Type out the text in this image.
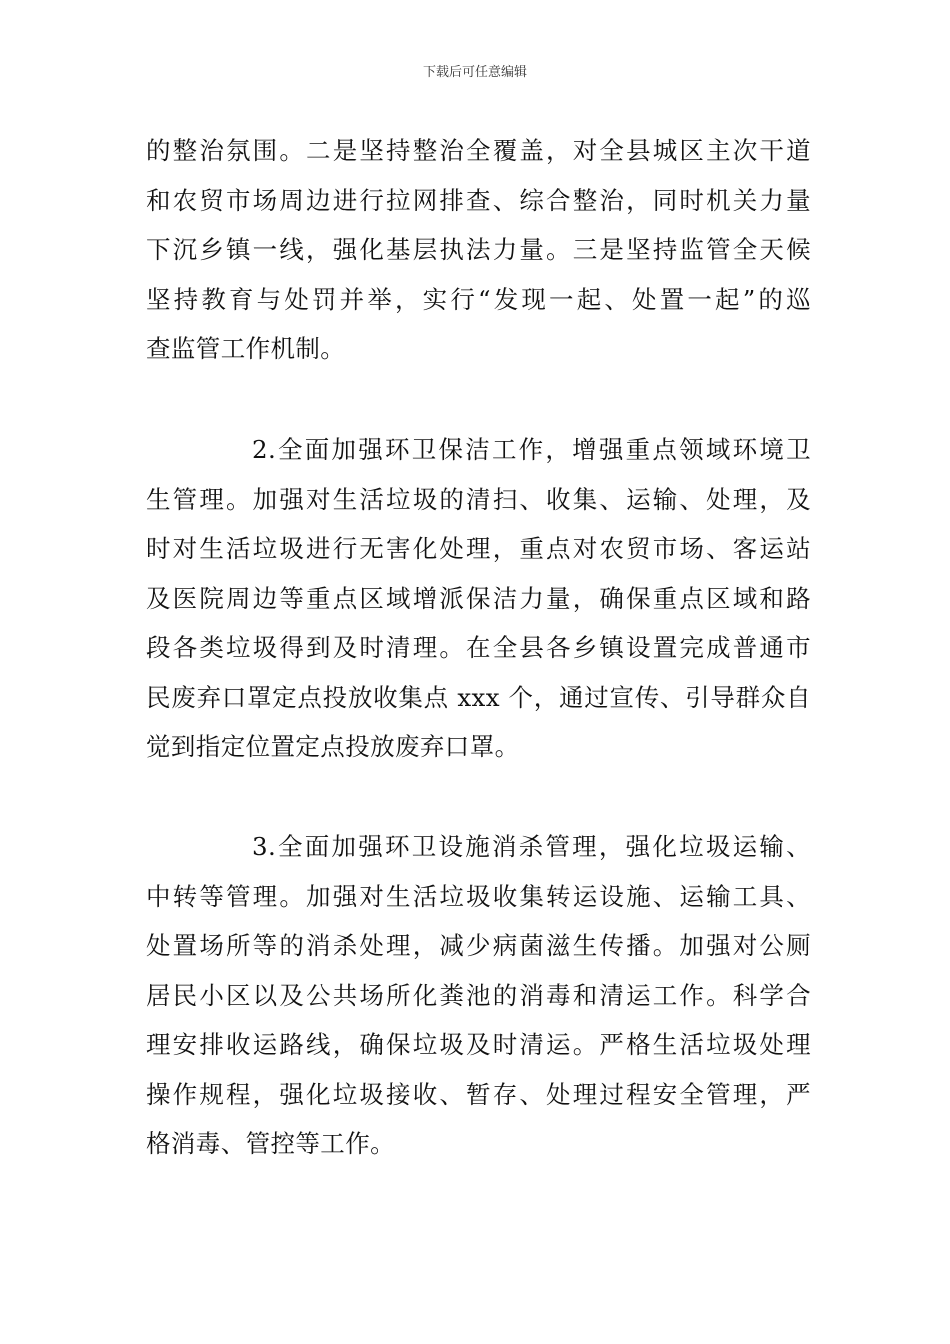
下载后可任意编辑
的整治氛围。二是坚持整治全覆盖，对全县城区主次干道
和农贸市场周边进行拉网排查、综合整治，同时机关力量
下沉乡镇一线，强化基层执法力量。三是坚持监管全天候
坚持教育与处罚并举，实行“发现一起、处置一起”的巡
查监管工作机制。
2.全面加强环卫保洁工作，增强重点领域环境卫
生管理。加强对生活垃圾的清扫、收集、运输、处理，及
时对生活垃圾进行无害化处理，重点对农贸市场、客运站
及医院周边等重点区域增派保洁力量，确保重点区域和路
段各类垃圾得到及时清理。在全县各乡镇设置完成普通市
民废弃口罩定点投放收集点 xxx 个，通过宣传、引导群众自
觉到指定位置定点投放废弃口罩。
3.全面加强环卫设施消杀管理，强化垃圾运输、
中转等管理。加强对生活垃圾收集转运设施、运输工具、
处置场所等的消杀处理，减少病菌滋生传播。加强对公厕
居民小区以及公共场所化粪池的消毒和清运工作。科学合
理安排收运路线，确保垃圾及时清运。严格生活垃圾处理
操作规程，强化垃圾接收、暂存、处理过程安全管理，严
格消毒、管控等工作。
